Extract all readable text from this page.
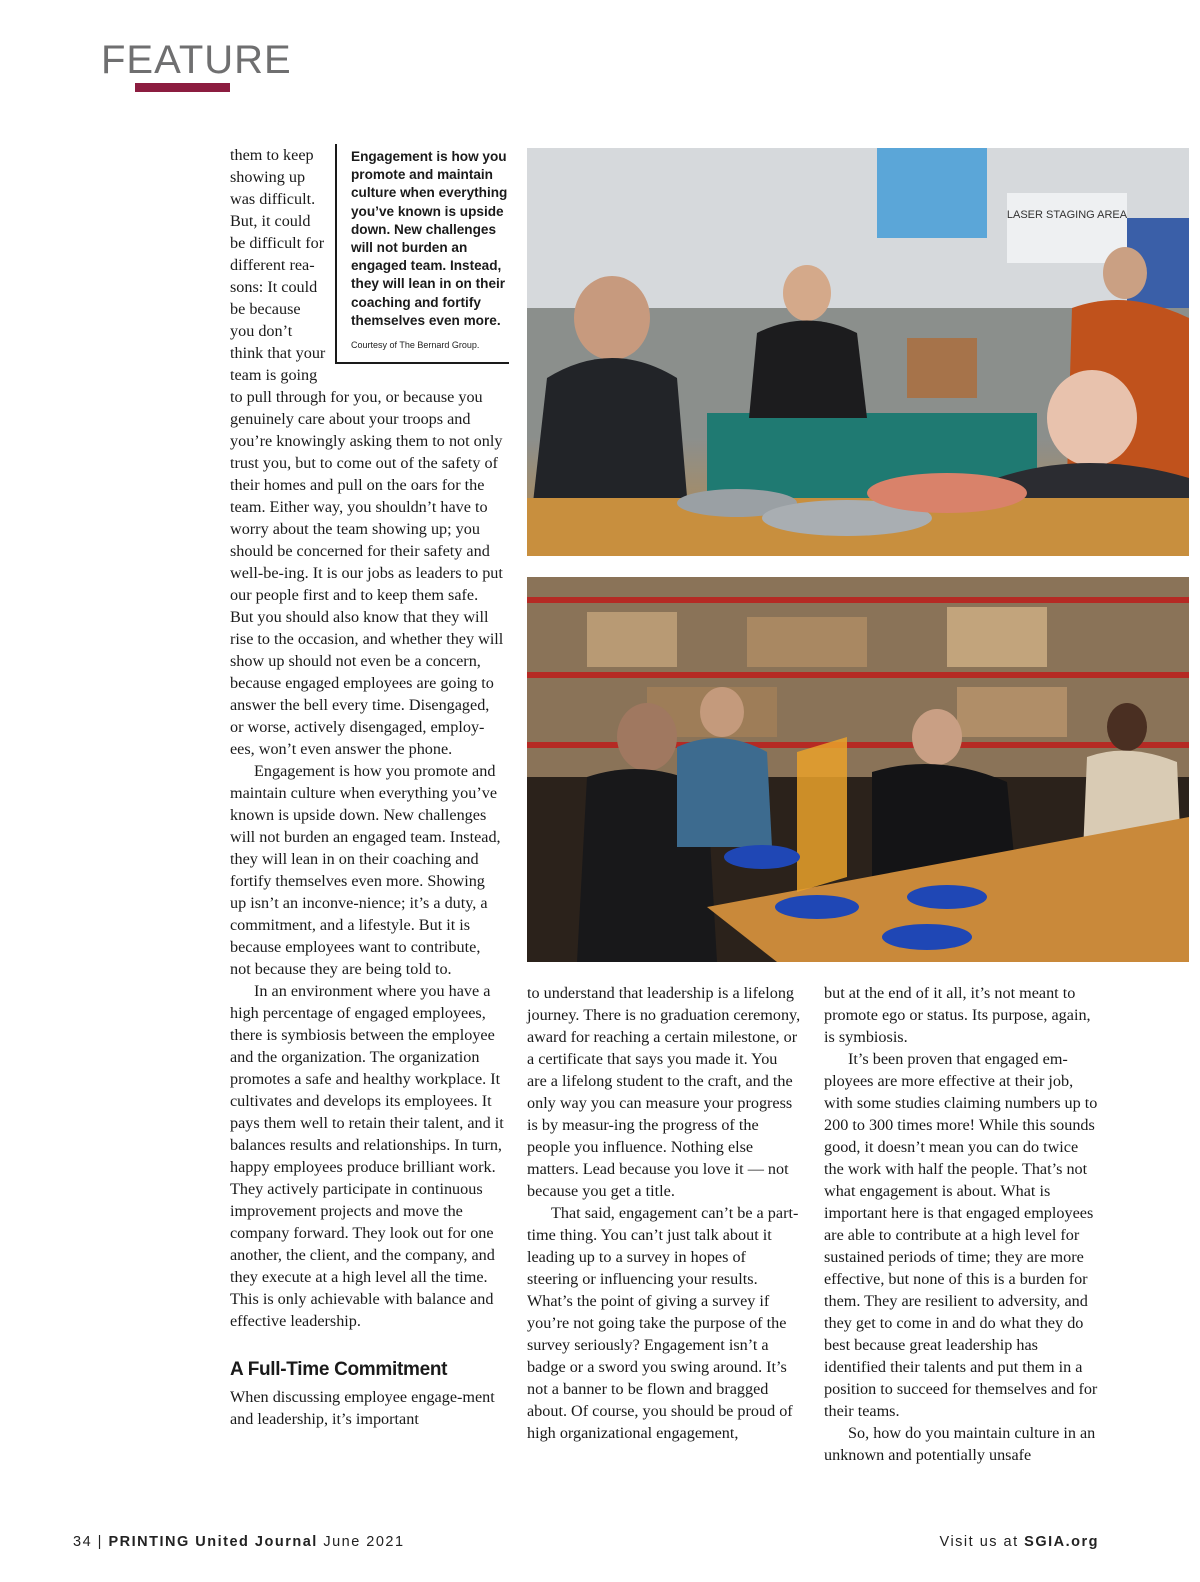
FEATURE
Engagement is how you promote and maintain culture when everything you’ve known is upside down. New challenges will not burden an engaged team. Instead, they will lean in on their coaching and fortify themselves even more.
Courtesy of The Bernard Group.

them to keep showing up was difficult. But, it could be difficult for different rea-sons: It could be because you don’t think that your team is going to pull through for you, or because you genuinely care about your troops and you’re knowingly asking them to not only trust you, but to come out of the safety of their homes and pull on the oars for the team. Either way, you shouldn’t have to worry about the team showing up; you should be concerned for their safety and well-be-ing. It is our jobs as leaders to put our people first and to keep them safe. But you should also know that they will rise to the occasion, and whether they will show up should not even be a concern, because engaged employees are going to answer the bell every time. Disengaged, or worse, actively disengaged, employ-ees, won’t even answer the phone.

Engagement is how you promote and maintain culture when everything you’ve known is upside down. New challenges will not burden an engaged team. Instead, they will lean in on their coaching and fortify themselves even more. Showing up isn’t an inconve-nience; it’s a duty, a commitment, and a lifestyle. But it is because employees want to contribute, not because they are being told to.

In an environment where you have a high percentage of engaged employees, there is symbiosis between the employee and the organization. The organization promotes a safe and healthy workplace. It cultivates and develops its employees. It pays them well to retain their talent, and it balances results and relationships. In turn, happy employees produce brilliant work. They actively participate in continuous improvement projects and move the company forward. They look out for one another, the client, and the company, and they execute at a high level all the time. This is only achievable with balance and effective leadership.

A Full-Time Commitment

When discussing employee engage-ment and leadership, it’s important

LASER STAGING AREA

to understand that leadership is a lifelong journey. There is no graduation ceremony, award for reaching a certain milestone, or a certificate that says you made it. You are a lifelong student to the craft, and the only way you can measure your progress is by measur-ing the progress of the people you influence. Nothing else matters. Lead because you love it — not because you get a title.

That said, engagement can’t be a part-time thing. You can’t just talk about it leading up to a survey in hopes of steering or influencing your results. What’s the point of giving a survey if you’re not going take the purpose of the survey seriously? Engagement isn’t a badge or a sword you swing around. It’s not a banner to be flown and bragged about. Of course, you should be proud of high organizational engagement,

but at the end of it all, it’s not meant to promote ego or status. Its purpose, again, is symbiosis.

It’s been proven that engaged em-ployees are more effective at their job, with some studies claiming numbers up to 200 to 300 times more! While this sounds good, it doesn’t mean you can do twice the work with half the people. That’s not what engagement is about. What is important here is that engaged employees are able to contribute at a high level for sustained periods of time; they are more effective, but none of this is a burden for them. They are resilient to adversity, and they get to come in and do what they do best because great leadership has identified their talents and put them in a position to succeed for themselves and for their teams.

So, how do you maintain culture in an unknown and potentially unsafe

34 | PRINTING United Journal June 2021	Visit us at SGIA.org
